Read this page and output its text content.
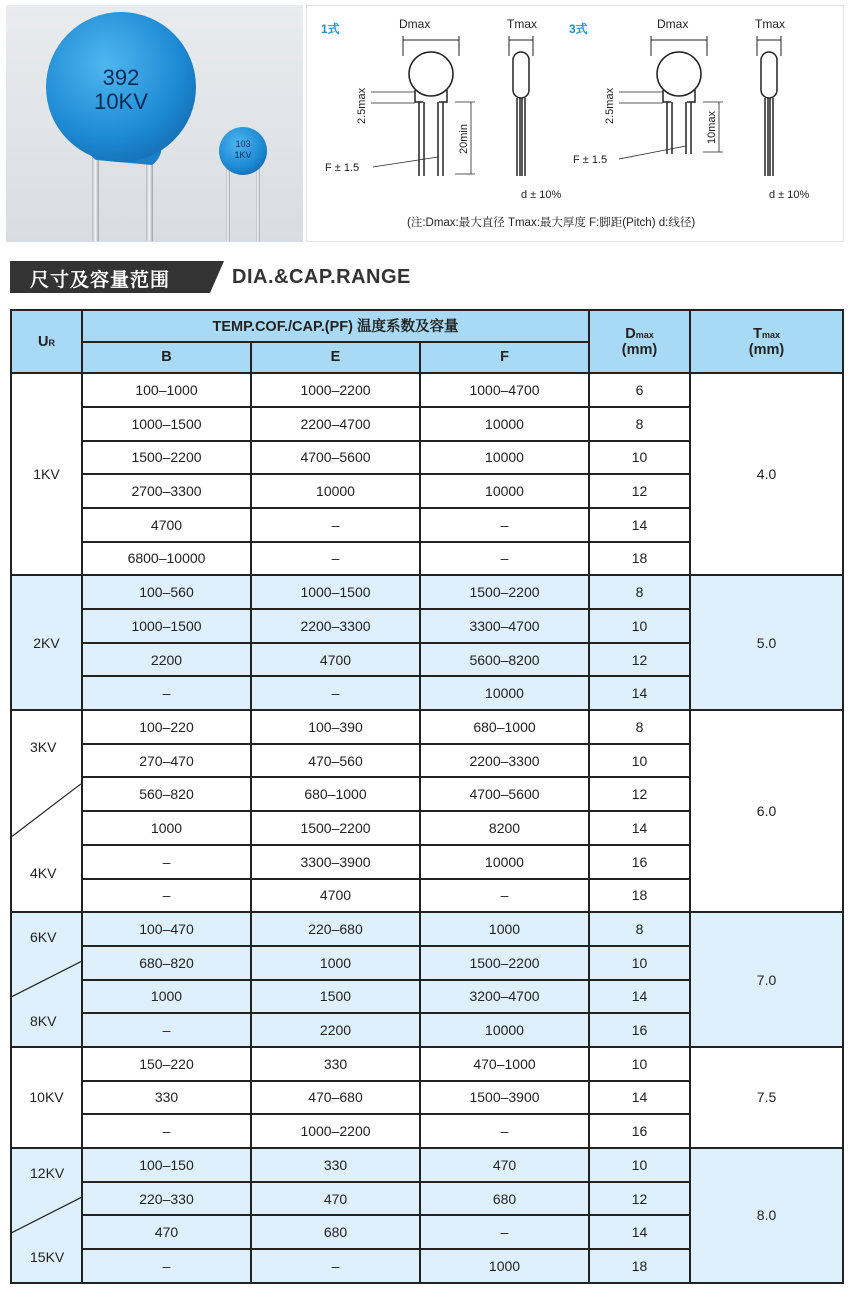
392
10KV
103
1KV
1式	Dmax
2.5max
20min
F ± 1.5
Tmax
d ± 10%
3式	Dmax
2.5max
10max
F ± 1.5
Tmax
d ± 10%
(注:Dmax:最大直径 Tmax:最大厚度 F:脚距(Pitch) d:线径)
尺寸及容量范围	DIA.&CAP.RANGE
UR	TEMP.COF./CAP.(PF) 温度系数及容量			Dmax
(mm)	Tmax
(mm)
	B	E	F		
1KV	100–1000	1000–2200	1000–4700	6	4.0
	1000–1500	2200–4700	10000	8	
	1500–2200	4700–5600	10000	10	
	2700–3300	10000	10000	12	
	4700	–	–	14	
	6800–10000	–	–	18	
2KV	100–560	1000–1500	1500–2200	8	5.0
	1000–1500	2200–3300	3300–4700	10	
	2200	4700	5600–8200	12	
	–	–	10000	14	

3KV
4KV	100–220	100–390	680–1000	8	6.0
	270–470	470–560	2200–3300	10	
	560–820	680–1000	4700–5600	12	
	1000	1500–2200	8200	14	
	–	3300–3900	10000	16	
	–	4700	–	18	

6KV
8KV	100–470	220–680	1000	8	7.0
	680–820	1000	1500–2200	10	
	1000	1500	3200–4700	14	
	–	2200	10000	16	
10KV	150–220	330	470–1000	10	7.5
	330	470–680	1500–3900	14	
	–	1000–2200	–	16	

12KV
15KV	100–150	330	470	10	8.0
	220–330	470	680	12	
	470	680	–	14	
	–	–	1000	18	
